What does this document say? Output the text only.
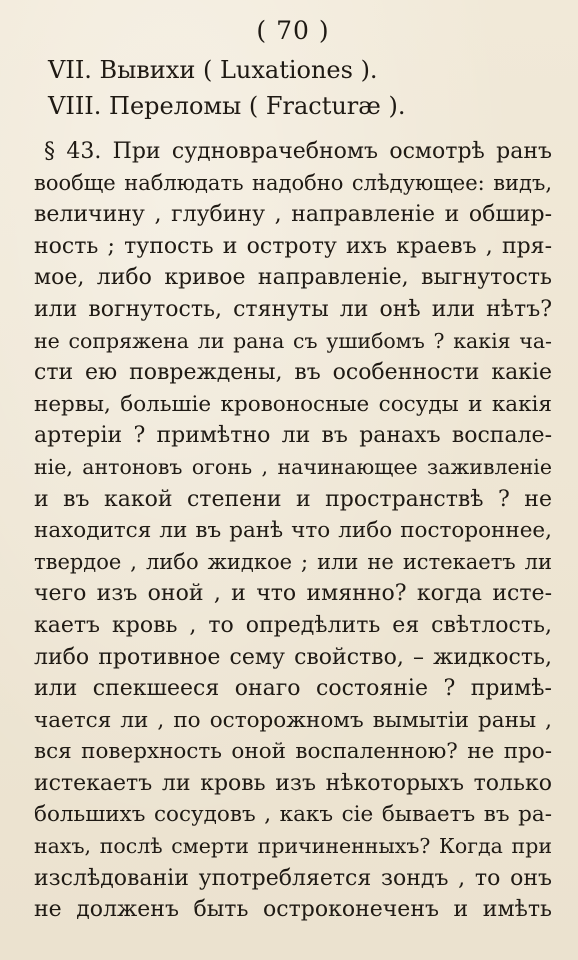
( 70 )
VII. Вывихи ( Luxationes ).
VIII. Переломы ( Fracturæ ).
§ 43. При судноврачебномъ осмотрѣ ранъ
вообще наблюдать надобно слѣдующее: видъ,
величину , глубину , направленіе и обшир-
ность ; тупость и остроту ихъ краевъ , пря-
мое, либо кривое направленіе, выгнутость
или вогнутость, стянуты ли онѣ или нѣтъ?
не сопряжена ли рана съ ушибомъ ? какія ча-
сти ею повреждены, въ особенности какіе
нервы, большіе кровоносные сосуды и какія
артеріи ? примѣтно ли въ ранахъ воспале-
ніе, антоновъ огонь , начинающее заживленіе
и въ какой степени и пространствѣ ? не
находится ли въ ранѣ что либо постороннее,
твердое , либо жидкое ; или не истекаетъ ли
чего изъ оной , и что имянно? когда исте-
каетъ кровь , то опредѣлить ея свѣтлость,
либо противное сему свойство, – жидкость,
или спекшееся онаго состояніе ? примѣ-
чается ли , по осторожномъ вымытіи раны ,
вся поверхность оной воспаленною? не про-
истекаетъ ли кровь изъ нѣкоторыхъ только
большихъ сосудовъ , какъ сіе бываетъ въ ра-
нахъ, послѣ смерти причиненныхъ? Когда при
изслѣдованіи употребляется зондъ , то онъ
не долженъ быть остроконеченъ и имѣть
